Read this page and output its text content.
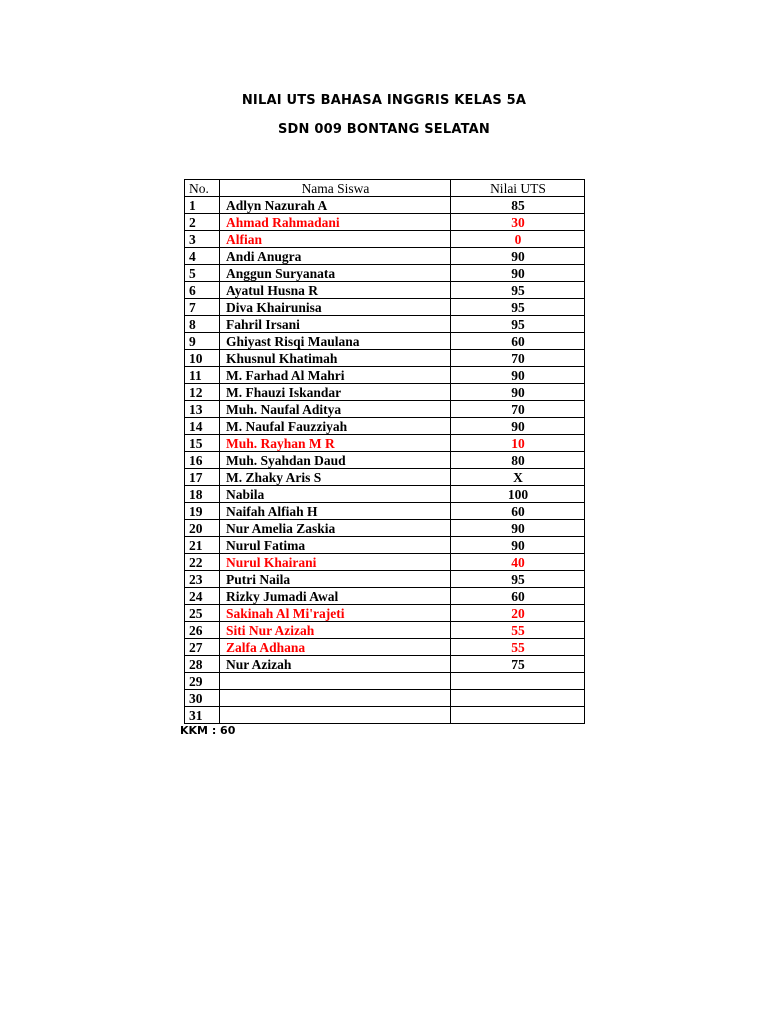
NILAI UTS BAHASA INGGRIS KELAS 5A
SDN 009 BONTANG SELATAN
No.	Nama Siswa	Nilai UTS
1	Adlyn Nazurah A	85
2	Ahmad Rahmadani	30
3	Alfian	0
4	Andi Anugra	90
5	Anggun Suryanata	90
6	Ayatul Husna R	95
7	Diva Khairunisa	95
8	Fahril Irsani	95
9	Ghiyast Risqi Maulana	60
10	Khusnul Khatimah	70
11	M. Farhad Al Mahri	90
12	M. Fhauzi Iskandar	90
13	Muh. Naufal Aditya	70
14	M. Naufal Fauzziyah	90
15	Muh. Rayhan M R	10
16	Muh. Syahdan Daud	80
17	M. Zhaky Aris S	X
18	Nabila	100
19	Naifah Alfiah H	60
20	Nur Amelia Zaskia	90
21	Nurul Fatima	90
22	Nurul Khairani	40
23	Putri Naila	95
24	Rizky Jumadi Awal	60
25	Sakinah Al Mi'rajeti	20
26	Siti Nur Azizah	55
27	Zalfa Adhana	55
28	Nur Azizah	75
29		
30		
31		
KKM : 60
